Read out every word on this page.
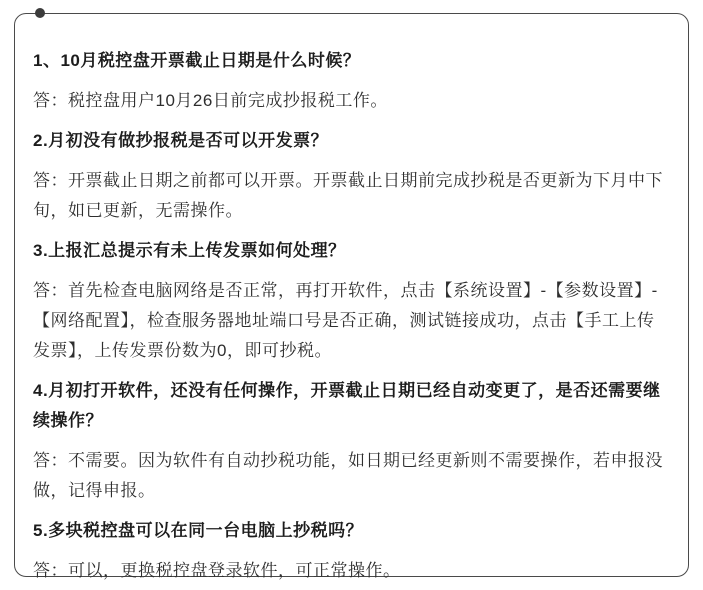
1、10月税控盘开票截止日期是什么时候？

答：税控盘用户10月26日前完成抄报税工作。

2.月初没有做抄报税是否可以开发票？

答：开票截止日期之前都可以开票。开票截止日期前完成抄税是否更新为下月中下旬，如已更新，无需操作。

3.上报汇总提示有未上传发票如何处理？

答：首先检查电脑网络是否正常，再打开软件，点击【系统设置】-【参数设置】-【网络配置】，检查服务器地址端口号是否正确，测试链接成功，点击【手工上传发票】，上传发票份数为0，即可抄税。

4.月初打开软件，还没有任何操作，开票截止日期已经自动变更了，是否还需要继续操作？

答：不需要。因为软件有自动抄税功能，如日期已经更新则不需要操作，若申报没做，记得申报。

5.多块税控盘可以在同一台电脑上抄税吗？

答：可以，更换税控盘登录软件，可正常操作。
